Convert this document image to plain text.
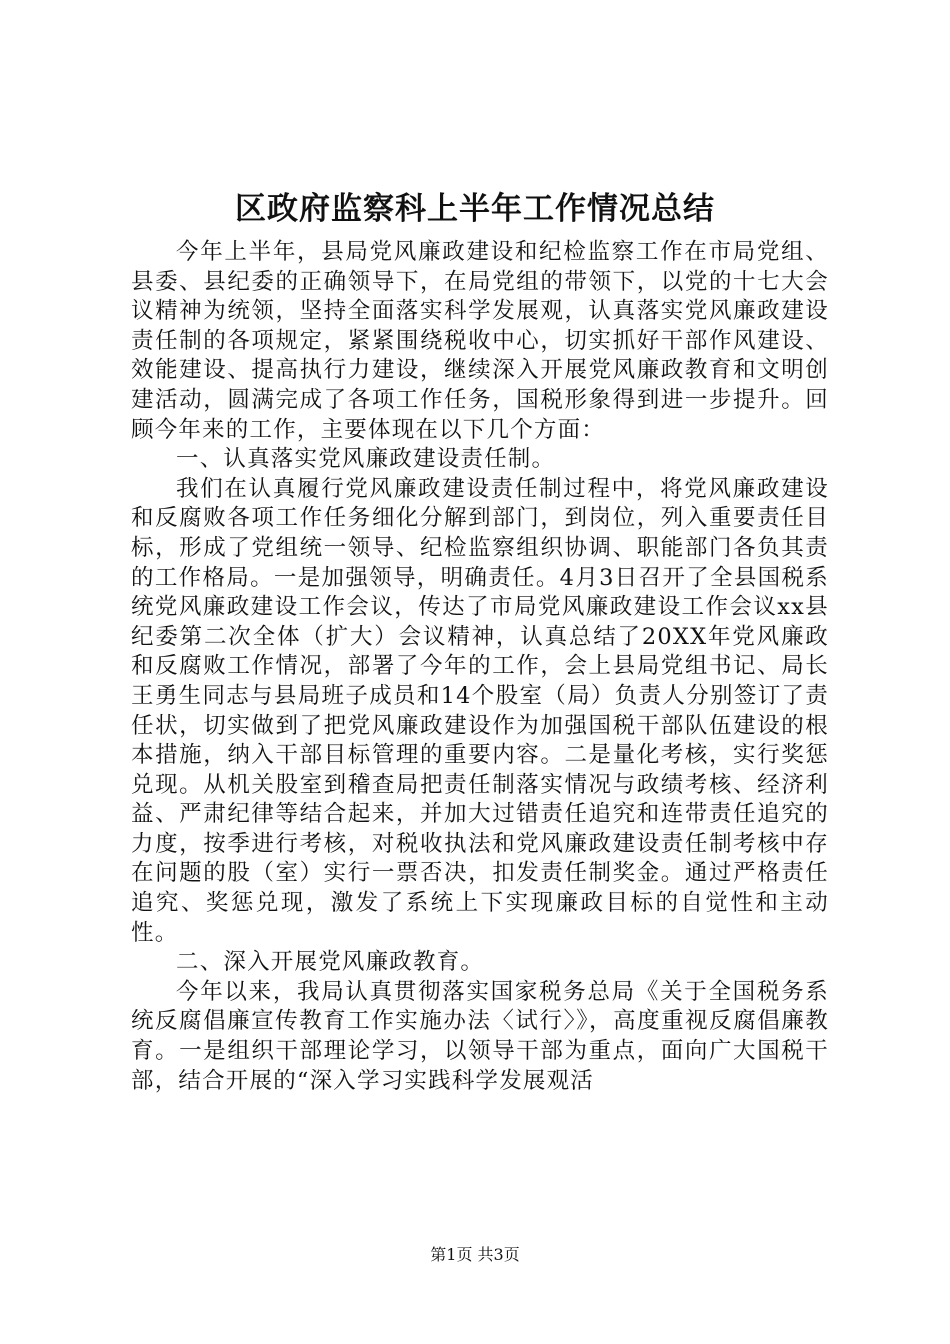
区政府监察科上半年工作情况总结

今年上半年，县局党风廉政建设和纪检监察工作在市局党组、县委、县纪委的正确领导下，在局党组的带领下，以党的十七大会议精神为统领，坚持全面落实科学发展观，认真落实党风廉政建设责任制的各项规定，紧紧围绕税收中心，切实抓好干部作风建设、效能建设、提高执行力建设，继续深入开展党风廉政教育和文明创建活动，圆满完成了各项工作任务，国税形象得到进一步提升。回顾今年来的工作，主要体现在以下几个方面：

一、认真落实党风廉政建设责任制。

我们在认真履行党风廉政建设责任制过程中，将党风廉政建设和反腐败各项工作任务细化分解到部门，到岗位，列入重要责任目标，形成了党组统一领导、纪检监察组织协调、职能部门各负其责的工作格局。一是加强领导，明确责任。4月3日召开了全县国税系统党风廉政建设工作会议，传达了市局党风廉政建设工作会议xx县纪委第二次全体（扩大）会议精神，认真总结了20XX年党风廉政和反腐败工作情况，部署了今年的工作，会上县局党组书记、局长王勇生同志与县局班子成员和14个股室（局）负责人分别签订了责任状，切实做到了把党风廉政建设作为加强国税干部队伍建设的根本措施，纳入干部目标管理的重要内容。二是量化考核，实行奖惩兑现。从机关股室到稽查局把责任制落实情况与政绩考核、经济利益、严肃纪律等结合起来，并加大过错责任追究和连带责任追究的力度，按季进行考核，对税收执法和党风廉政建设责任制考核中存在问题的股（室）实行一票否决，扣发责任制奖金。通过严格责任追究、奖惩兑现，激发了系统上下实现廉政目标的自觉性和主动性。

二、深入开展党风廉政教育。

今年以来，我局认真贯彻落实国家税务总局《关于全国税务系统反腐倡廉宣传教育工作实施办法〈试行〉》，高度重视反腐倡廉教育。一是组织干部理论学习，以领导干部为重点，面向广大国税干部，结合开展的“深入学习实践科学发展观活

第1页 共3页
